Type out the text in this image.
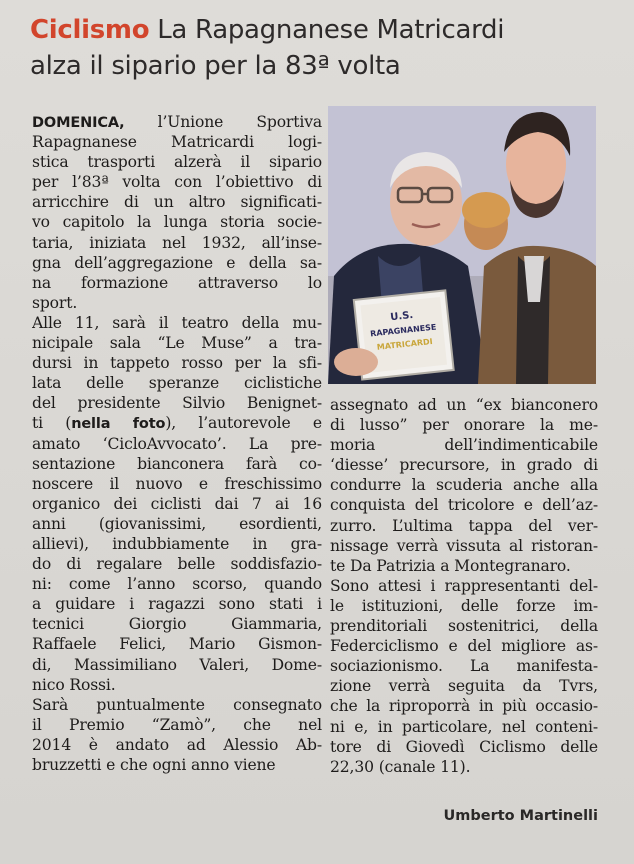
Ciclismo La Rapagnanese Matricardi
alza il sipario per la 83ª volta
DOMENICA, l’Unione Sportiva
Rapagnanese Matricardi logi-
stica trasporti alzerà il sipario
per l’83ª volta con l’obiettivo di
arricchire di un altro significati-
vo capitolo la lunga storia socie-
taria, iniziata nel 1932, all’inse-
gna dell’aggregazione e della sa-
na formazione attraverso lo
sport.
Alle 11, sarà il teatro della mu-
nicipale sala “Le Muse” a tra-
dursi in tappeto rosso per la sfi-
lata delle speranze ciclistiche
del presidente Silvio Benignet-
ti (nella foto), l’autorevole e
amato ‘CicloAvvocato’. La pre-
sentazione bianconera farà co-
noscere il nuovo e freschissimo
organico dei ciclisti dai 7 ai 16
anni (giovanissimi, esordienti,
allievi), indubbiamente in gra-
do di regalare belle soddisfazio-
ni: come l’anno scorso, quando
a guidare i ragazzi sono stati i
tecnici Giorgio Giammaria,
Raffaele Felici, Mario Gismon-
di, Massimiliano Valeri, Dome-
nico Rossi.
Sarà puntualmente consegnato
il Premio “Zamò”, che nel
2014 è andato ad Alessio Ab-
bruzzetti e che ogni anno viene
U.S.
RAPAGNANESE
MATRICARDI
assegnato ad un “ex bianconero
di lusso” per onorare la me-
moria dell’indimenticabile
‘diesse’ precursore, in grado di
condurre la scuderia anche alla
conquista del tricolore e dell’az-
zurro. L’ultima tappa del ver-
nissage verrà vissuta al ristoran-
te Da Patrizia a Montegranaro.
Sono attesi i rappresentanti del-
le istituzioni, delle forze im-
prenditoriali sostenitrici, della
Federciclismo e del migliore as-
sociazionismo. La manifesta-
zione verrà seguita da Tvrs,
che la riproporrà in più occasio-
ni e, in particolare, nel conteni-
tore di Giovedì Ciclismo delle
22,30 (canale 11).
Umberto Martinelli
